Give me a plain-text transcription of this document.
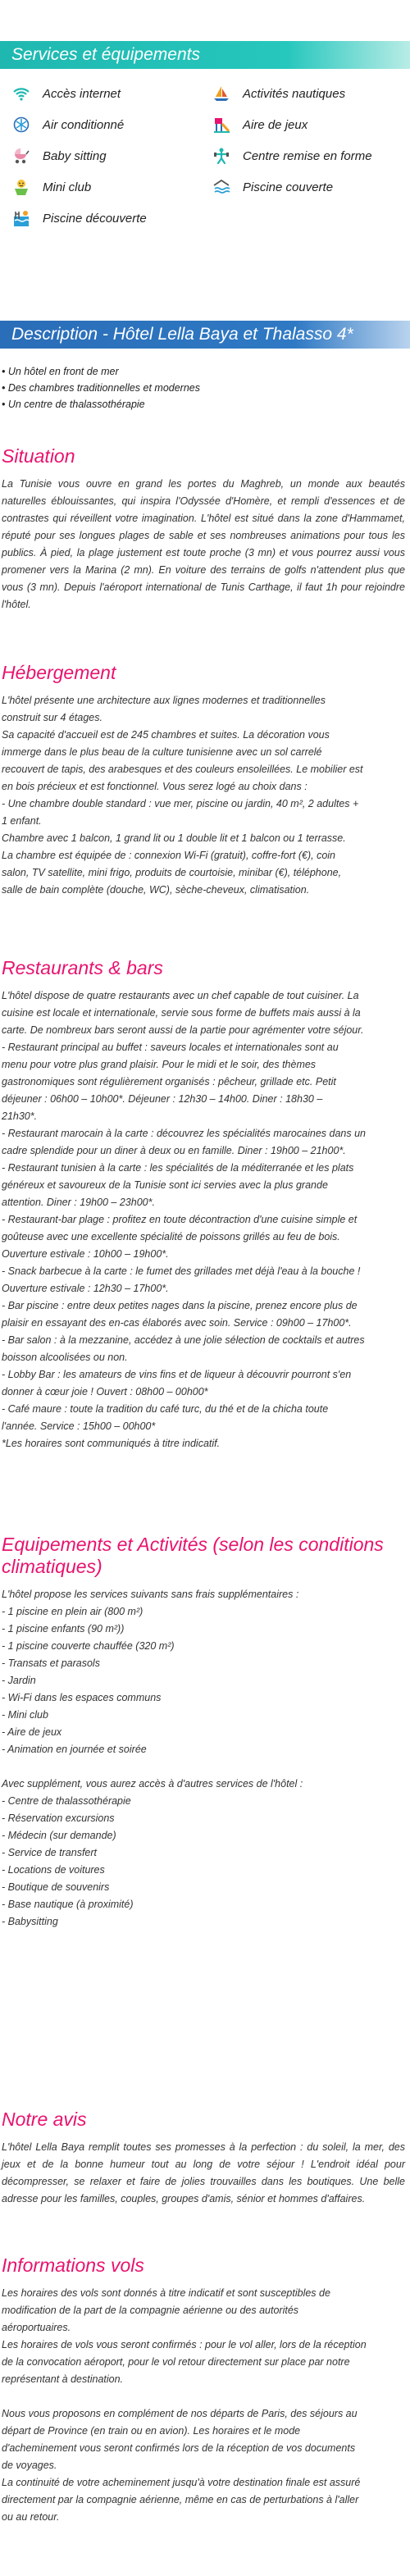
Services et équipements
Accès internet	Activités nautiques
Air conditionné	Aire de jeux
Baby sitting	Centre remise en forme
Mini club	Piscine couverte
Piscine découverte
Description - Hôtel Lella Baya et Thalasso 4*
• Un hôtel en front de mer
• Des chambres traditionnelles et modernes
• Un centre de thalassothérapie
Situation

La Tunisie vous ouvre en grand les portes du Maghreb, un monde aux beautés naturelles éblouissantes, qui inspira l'Odyssée d'Homère, et rempli d'essences et de contrastes qui réveillent votre imagination. L'hôtel est situé dans la zone d'Hammamet, réputé pour ses longues plages de sable et ses nombreuses animations pour tous les publics. À pied, la plage justement est toute proche (3 mn) et vous pourrez aussi vous promener vers la Marina (2 mn). En voiture des terrains de golfs n'attendent plus que vous (3 mn). Depuis l'aéroport international de Tunis Carthage, il faut 1h pour rejoindre l'hôtel.

Hébergement
L'hôtel présente une architecture aux lignes modernes et traditionnelles
construit sur 4 étages.
Sa capacité d'accueil est de 245 chambres et suites. La décoration vous
immerge dans le plus beau de la culture tunisienne avec un sol carrelé
recouvert de tapis, des arabesques et des couleurs ensoleillées. Le mobilier est
en bois précieux et est fonctionnel. Vous serez logé au choix dans :
- Une chambre double standard : vue mer, piscine ou jardin, 40 m², 2 adultes +
1 enfant.
Chambre avec 1 balcon, 1 grand lit ou 1 double lit et 1 balcon ou 1 terrasse.
La chambre est équipée de : connexion Wi-Fi (gratuit), coffre-fort (€), coin
salon, TV satellite, mini frigo, produits de courtoisie, minibar (€), téléphone,
salle de bain complète (douche, WC), sèche-cheveux, climatisation.
Restaurants & bars
L'hôtel dispose de quatre restaurants avec un chef capable de tout cuisiner. La
cuisine est locale et internationale, servie sous forme de buffets mais aussi à la
carte. De nombreux bars seront aussi de la partie pour agrémenter votre séjour.
- Restaurant principal au buffet : saveurs locales et internationales sont au
menu pour votre plus grand plaisir. Pour le midi et le soir, des thèmes
gastronomiques sont régulièrement organisés : pêcheur, grillade etc. Petit
déjeuner : 06h00 – 10h00*. Déjeuner : 12h30 – 14h00. Diner : 18h30 –
21h30*.
- Restaurant marocain à la carte : découvrez les spécialités marocaines dans un
cadre splendide pour un diner à deux ou en famille. Diner : 19h00 – 21h00*.
- Restaurant tunisien à la carte : les spécialités de la méditerranée et les plats
généreux et savoureux de la Tunisie sont ici servies avec la plus grande
attention. Diner : 19h00 – 23h00*.
- Restaurant-bar plage : profitez en toute décontraction d'une cuisine simple et
goûteuse avec une excellente spécialité de poissons grillés au feu de bois.
Ouverture estivale : 10h00 – 19h00*.
- Snack barbecue à la carte : le fumet des grillades met déjà l'eau à la bouche !
Ouverture estivale : 12h30 – 17h00*.
- Bar piscine : entre deux petites nages dans la piscine, prenez encore plus de
plaisir en essayant des en-cas élaborés avec soin. Service : 09h00 – 17h00*.
- Bar salon : à la mezzanine, accédez à une jolie sélection de cocktails et autres
boisson alcoolisées ou non.
- Lobby Bar : les amateurs de vins fins et de liqueur à découvrir pourront s'en
donner à cœur joie ! Ouvert : 08h00 – 00h00*
- Café maure : toute la tradition du café turc, du thé et de la chicha toute
l'année. Service : 15h00 – 00h00*
*Les horaires sont communiqués à titre indicatif.
Equipements et Activités (selon les conditions climatiques)
L'hôtel propose les services suivants sans frais supplémentaires :
- 1 piscine en plein air (800 m²)
- 1 piscine enfants (90 m²))
- 1 piscine couverte chauffée (320 m²)
- Transats et parasols
- Jardin
- Wi-Fi dans les espaces communs
- Mini club
- Aire de jeux
- Animation en journée et soirée
Avec supplément, vous aurez accès à d'autres services de l'hôtel :
- Centre de thalassothérapie
- Réservation excursions
- Médecin (sur demande)
- Service de transfert
- Locations de voitures
- Boutique de souvenirs
- Base nautique (à proximité)
- Babysitting
Notre avis

L'hôtel Lella Baya remplit toutes ses promesses à la perfection : du soleil, la mer, des jeux et de la bonne humeur tout au long de votre séjour ! L'endroit idéal pour décompresser, se relaxer et faire de jolies trouvailles dans les boutiques. Une belle adresse pour les familles, couples, groupes d'amis, sénior et hommes d'affaires.

Informations vols
Les horaires des vols sont donnés à titre indicatif et sont susceptibles de
modification de la part de la compagnie aérienne ou des autorités
aéroportuaires.
Les horaires de vols vous seront confirmés : pour le vol aller, lors de la réception
de la convocation aéroport, pour le vol retour directement sur place par notre
représentant à destination.
Nous vous proposons en complément de nos départs de Paris, des séjours au
départ de Province (en train ou en avion). Les horaires et le mode
d'acheminement vous seront confirmés lors de la réception de vos documents
de voyages.
La continuité de votre acheminement jusqu'à votre destination finale est assuré
directement par la compagnie aérienne, même en cas de perturbations à l'aller
ou au retour.
